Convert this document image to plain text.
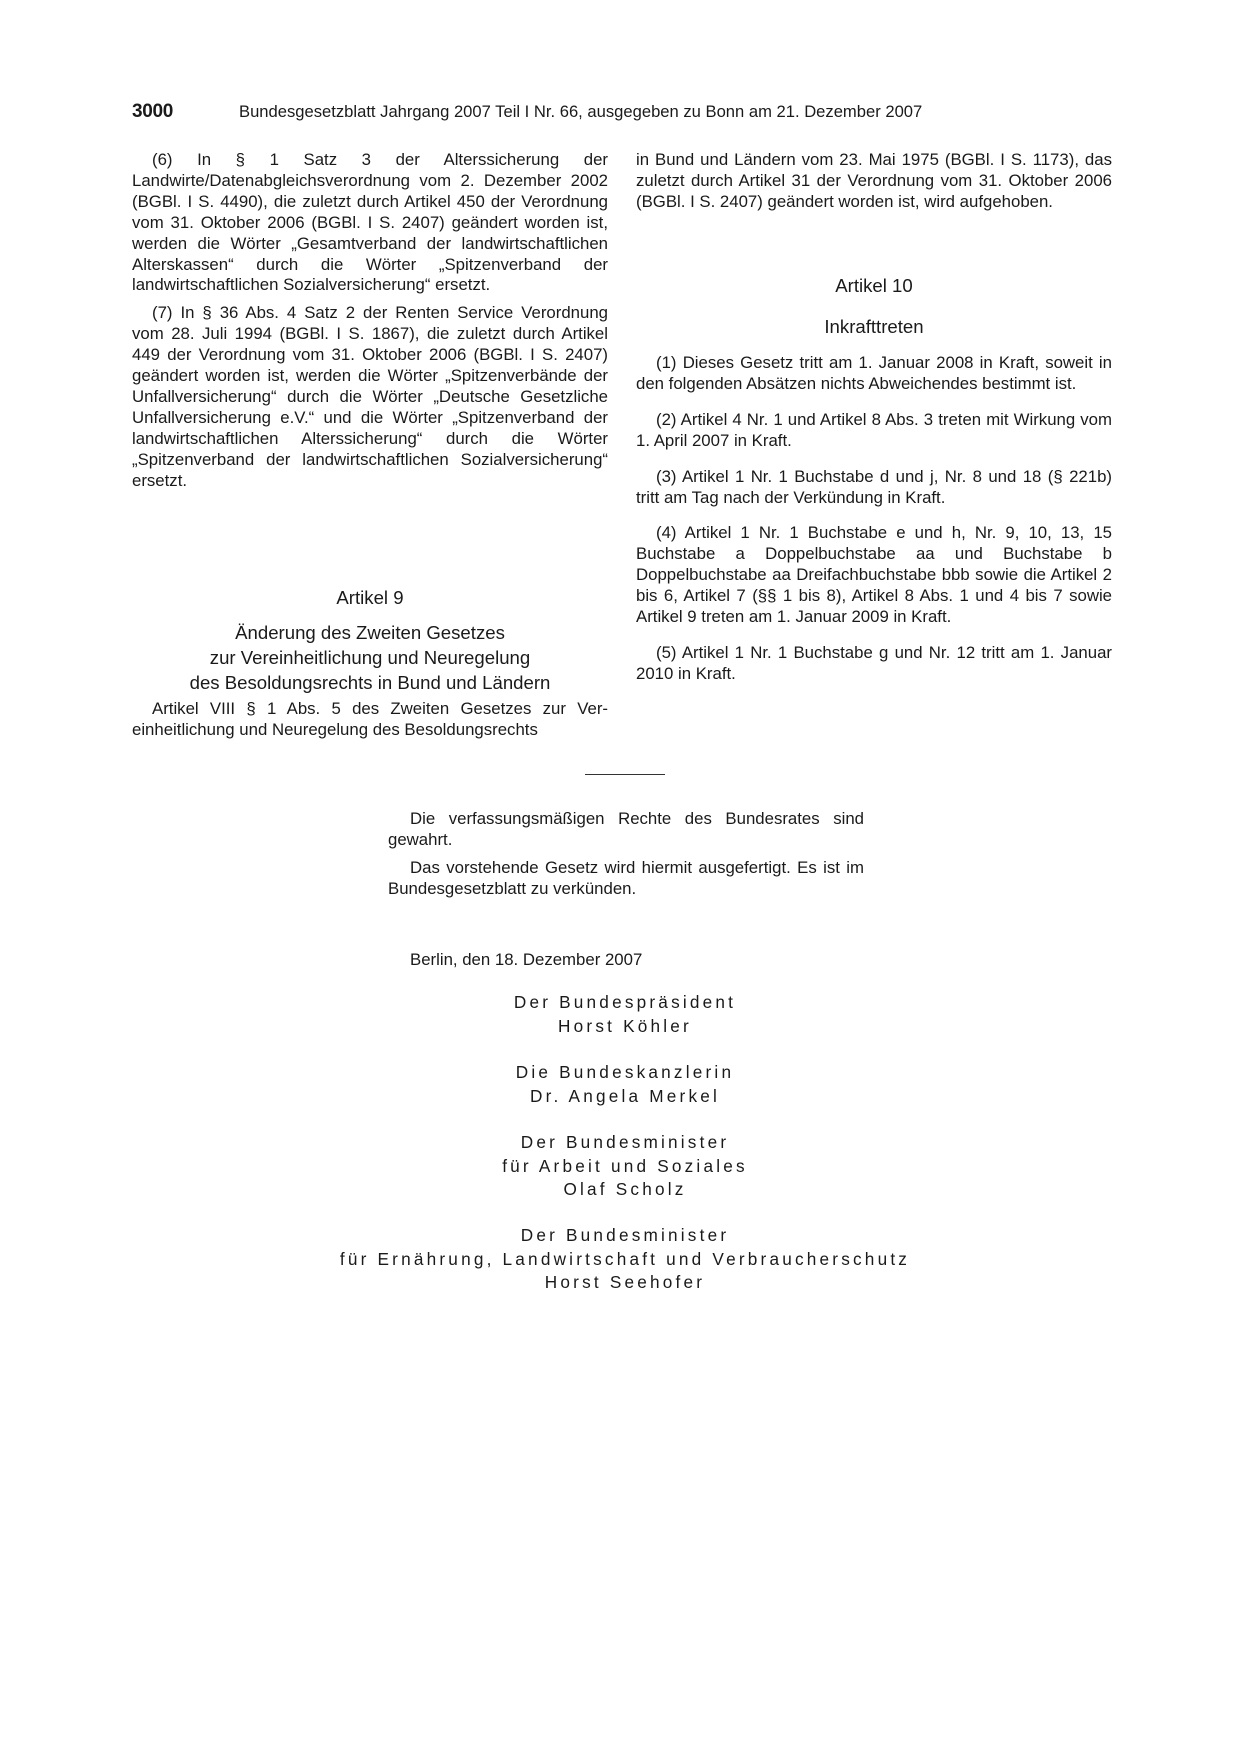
3000	Bundesgesetzblatt Jahrgang 2007 Teil I Nr. 66, ausgegeben zu Bonn am 21. Dezember 2007

(6) In § 1 Satz 3 der Alterssicherung der Landwirte/Datenabgleichsverordnung vom 2. Dezember 2002 (BGBl. I S. 4490), die zuletzt durch Artikel 450 der Verordnung vom 31. Oktober 2006 (BGBl. I S. 2407) geändert worden ist, werden die Wörter „Gesamtverband der landwirtschaftlichen Alterskassen“ durch die Wörter „Spitzenverband der landwirtschaftlichen Sozialversicherung“ ersetzt.

(7) In § 36 Abs. 4 Satz 2 der Renten Service Verordnung vom 28. Juli 1994 (BGBl. I S. 1867), die zuletzt durch Artikel 449 der Verordnung vom 31. Oktober 2006 (BGBl. I S. 2407) geändert worden ist, werden die Wörter „Spitzenverbände der Unfallversicherung“ durch die Wörter „Deutsche Gesetzliche Unfallversicherung e.V.“ und die Wörter „Spitzenverband der landwirtschaftlichen Alterssicherung“ durch die Wörter „Spitzenverband der landwirtschaftlichen Sozialversicherung“ ersetzt.

Artikel 9
Änderung des Zweiten Gesetzes
zur Vereinheitlichung und Neuregelung
des Besoldungsrechts in Bund und Ländern

Artikel VIII § 1 Abs. 5 des Zweiten Gesetzes zur Vereinheitlichung und Neuregelung des Besoldungsrechts

in Bund und Ländern vom 23. Mai 1975 (BGBl. I S. 1173), das zuletzt durch Artikel 31 der Verordnung vom 31. Oktober 2006 (BGBl. I S. 2407) geändert worden ist, wird aufgehoben.

Artikel 10
Inkrafttreten

(1) Dieses Gesetz tritt am 1. Januar 2008 in Kraft, soweit in den folgenden Absätzen nichts Abweichendes bestimmt ist.

(2) Artikel 4 Nr. 1 und Artikel 8 Abs. 3 treten mit Wirkung vom 1. April 2007 in Kraft.

(3) Artikel 1 Nr. 1 Buchstabe d und j, Nr. 8 und 18 (§ 221b) tritt am Tag nach der Verkündung in Kraft.

(4) Artikel 1 Nr. 1 Buchstabe e und h, Nr. 9, 10, 13, 15 Buchstabe a Doppelbuchstabe aa und Buchstabe b Doppelbuchstabe aa Dreifachbuchstabe bbb sowie die Artikel 2 bis 6, Artikel 7 (§§ 1 bis 8), Artikel 8 Abs. 1 und 4 bis 7 sowie Artikel 9 treten am 1. Januar 2009 in Kraft.

(5) Artikel 1 Nr. 1 Buchstabe g und Nr. 12 tritt am 1. Januar 2010 in Kraft.

Die verfassungsmäßigen Rechte des Bundesrates sind gewahrt.

Das vorstehende Gesetz wird hiermit ausgefertigt. Es ist im Bundesgesetzblatt zu verkünden.

Berlin, den 18. Dezember 2007
Der Bundespräsident
Horst Köhler
Die Bundeskanzlerin
Dr. Angela Merkel
Der Bundesminister
für Arbeit und Soziales
Olaf Scholz
Der Bundesminister
für Ernährung, Landwirtschaft und Verbraucherschutz
Horst Seehofer
